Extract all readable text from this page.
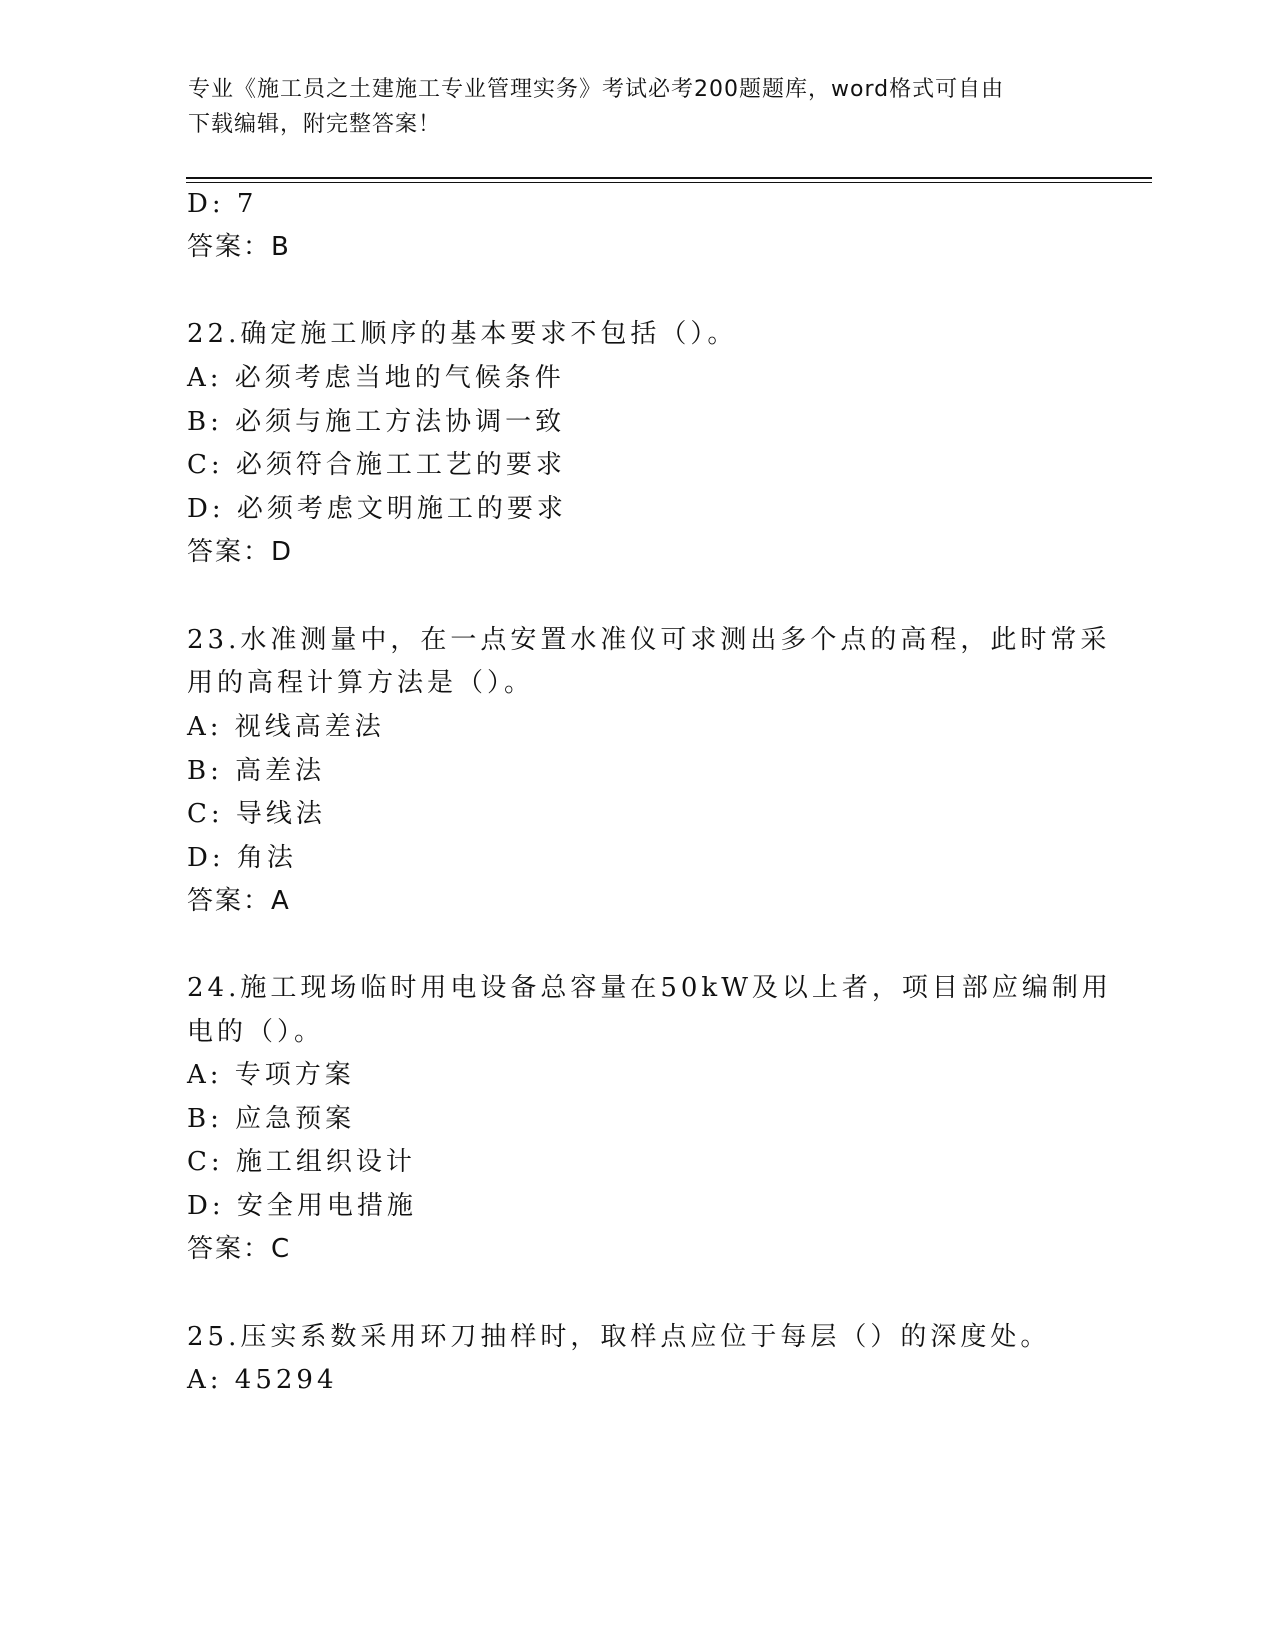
专业《施工员之土建施工专业管理实务》考试必考200题题库，word格式可自由
下载编辑，附完整答案！
D: 7
答案：B
22.确定施工顺序的基本要求不包括（）。
A: 必须考虑当地的气候条件
B: 必须与施工方法协调一致
C: 必须符合施工工艺的要求
D: 必须考虑文明施工的要求
答案：D
23.水准测量中，在一点安置水准仪可求测出多个点的高程，此时常采
用的高程计算方法是（）。
A: 视线高差法
B: 高差法
C: 导线法
D: 角法
答案：A
24.施工现场临时用电设备总容量在50kW及以上者，项目部应编制用
电的（）。
A: 专项方案
B: 应急预案
C: 施工组织设计
D: 安全用电措施
答案：C
25.压实系数采用环刀抽样时，取样点应位于每层（）的深度处。
A: 45294
